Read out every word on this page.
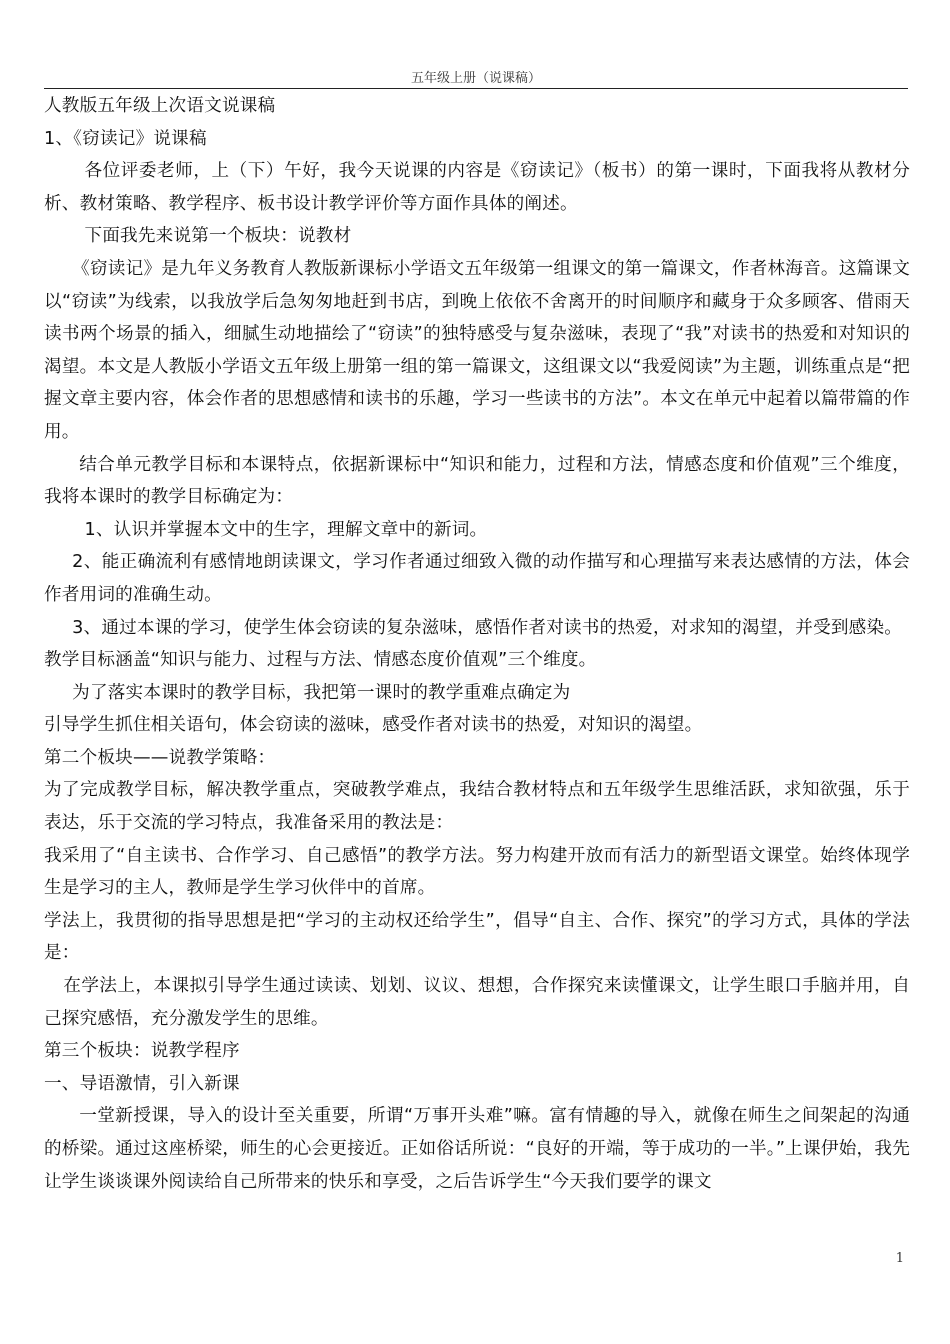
五年级上册（说课稿）

人教版五年级上次语文说课稿

1、《窃读记》说课稿

各位评委老师，上（下）午好，我今天说课的内容是《窃读记》（板书）的第一课时，下面我将从教材分析、教材策略、教学程序、板书设计教学评价等方面作具体的阐述。

下面我先来说第一个板块：说教材

《窃读记》是九年义务教育人教版新课标小学语文五年级第一组课文的第一篇课文，作者林海音。这篇课文以“窃读”为线索，以我放学后急匆匆地赶到书店，到晚上依依不舍离开的时间顺序和藏身于众多顾客、借雨天读书两个场景的插入，细腻生动地描绘了“窃读”的独特感受与复杂滋味，表现了“我”对读书的热爱和对知识的渴望。本文是人教版小学语文五年级上册第一组的第一篇课文，这组课文以“我爱阅读”为主题，训练重点是“把握文章主要内容，体会作者的思想感情和读书的乐趣，学习一些读书的方法”。本文在单元中起着以篇带篇的作用。

结合单元教学目标和本课特点，依据新课标中“知识和能力，过程和方法，情感态度和价值观”三个维度，我将本课时的教学目标确定为：

1、认识并掌握本文中的生字，理解文章中的新词。

2、能正确流利有感情地朗读课文，学习作者通过细致入微的动作描写和心理描写来表达感情的方法，体会作者用词的准确生动。

3、通过本课的学习，使学生体会窃读的复杂滋味，感悟作者对读书的热爱，对求知的渴望，并受到感染。

教学目标涵盖“知识与能力、过程与方法、情感态度价值观”三个维度。

为了落实本课时的教学目标，我把第一课时的教学重难点确定为

引导学生抓住相关语句，体会窃读的滋味，感受作者对读书的热爱，对知识的渴望。

第二个板块——说教学策略：

为了完成教学目标，解决教学重点，突破教学难点，我结合教材特点和五年级学生思维活跃，求知欲强，乐于表达，乐于交流的学习特点，我准备采用的教法是：

我采用了“自主读书、合作学习、自己感悟”的教学方法。努力构建开放而有活力的新型语文课堂。始终体现学生是学习的主人，教师是学生学习伙伴中的首席。

学法上，我贯彻的指导思想是把“学习的主动权还给学生”，倡导“自主、合作、探究”的学习方式，具体的学法是：

在学法上，本课拟引导学生通过读读、划划、议议、想想，合作探究来读懂课文，让学生眼口手脑并用，自己探究感悟，充分激发学生的思维。

第三个板块：说教学程序

一、导语激情，引入新课

一堂新授课，导入的设计至关重要，所谓“万事开头难”嘛。富有情趣的导入，就像在师生之间架起的沟通的桥梁。通过这座桥梁，师生的心会更接近。正如俗话所说：“良好的开端，等于成功的一半。”上课伊始，我先让学生谈谈课外阅读给自己所带来的快乐和享受，之后告诉学生“今天我们要学的课文

1
